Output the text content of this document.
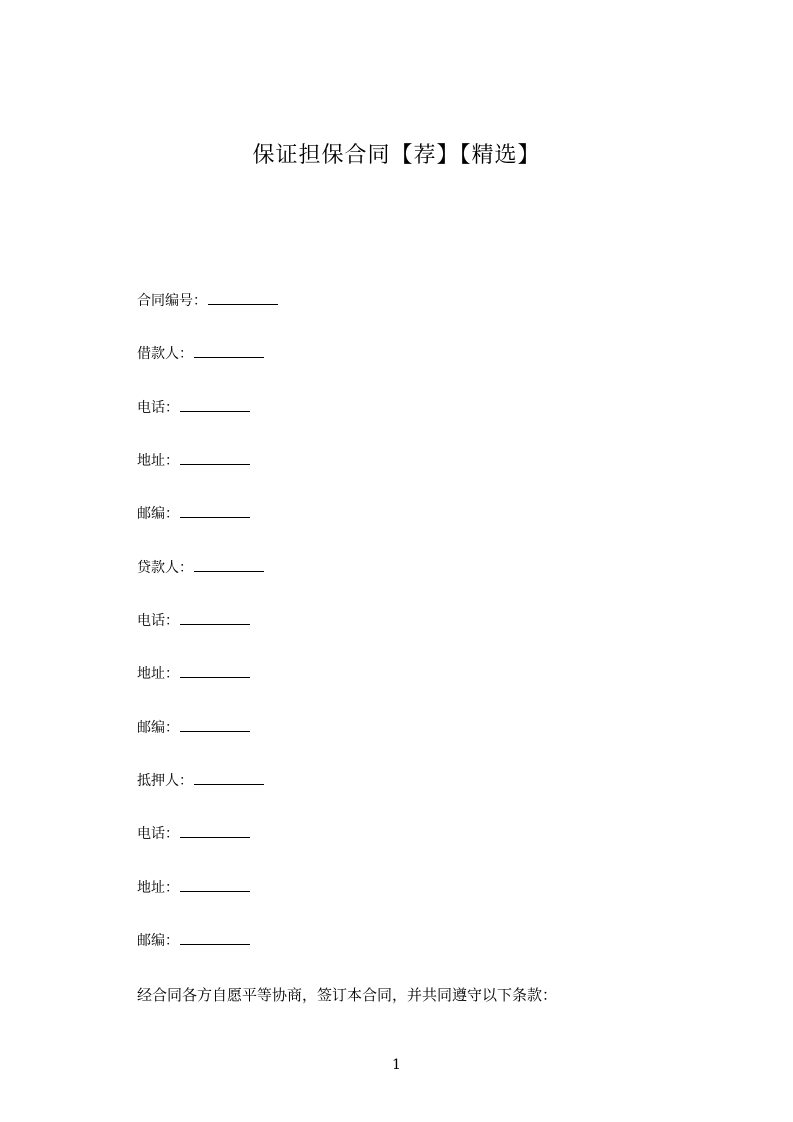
保证担保合同【荐】【精选】
合同编号：
借款人：
电话：
地址：
邮编：
贷款人：
电话：
地址：
邮编：
抵押人：
电话：
地址：
邮编：
经合同各方自愿平等协商，签订本合同，并共同遵守以下条款：
1
